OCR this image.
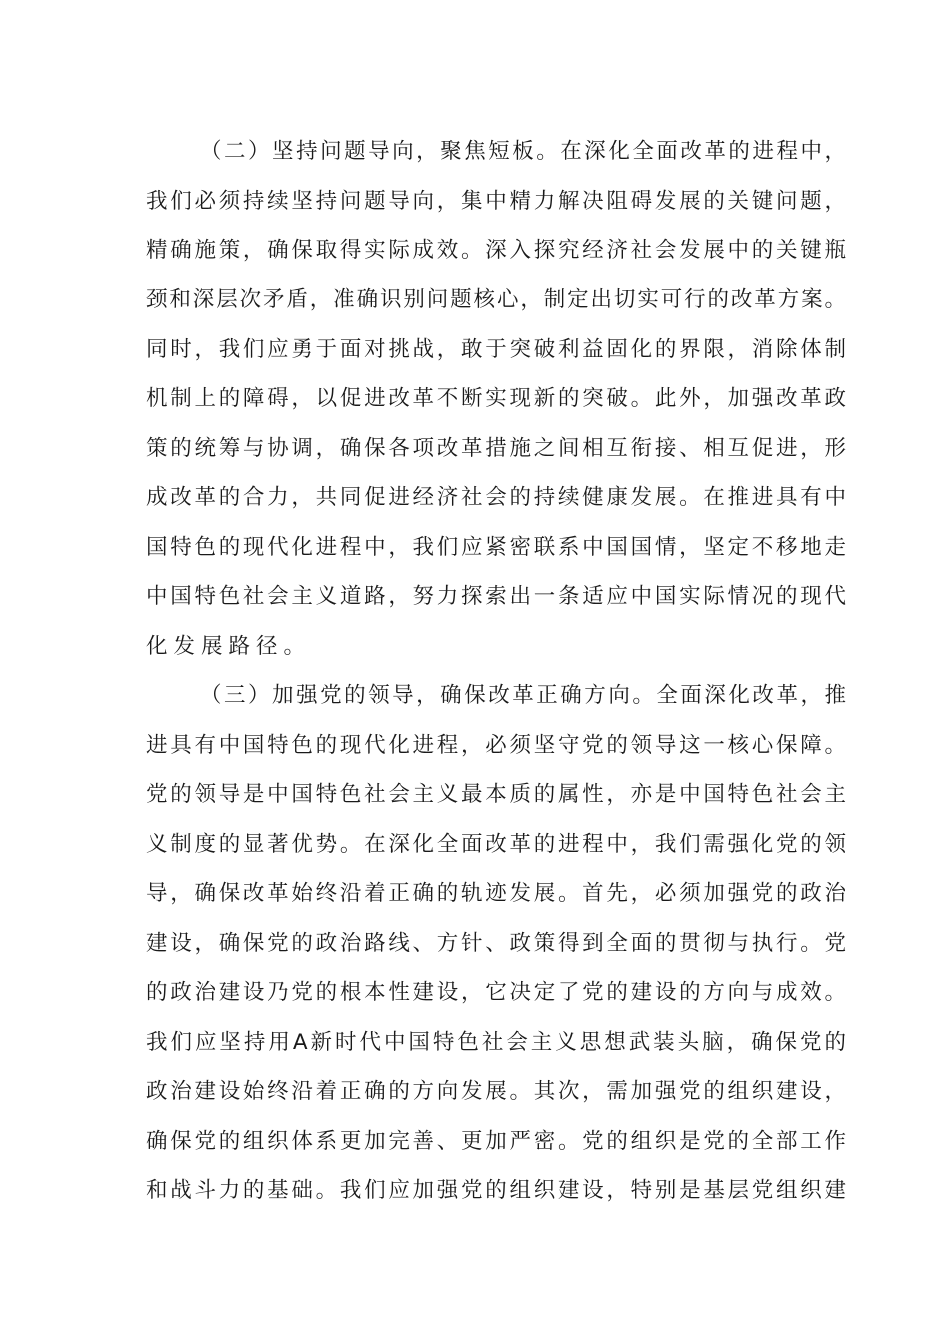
（二）坚持问题导向，聚焦短板。在深化全面改革的进程中，
我们必须持续坚持问题导向，集中精力解决阻碍发展的关键问题，
精确施策，确保取得实际成效。深入探究经济社会发展中的关键瓶
颈和深层次矛盾，准确识别问题核心，制定出切实可行的改革方案。
同时，我们应勇于面对挑战，敢于突破利益固化的界限，消除体制
机制上的障碍，以促进改革不断实现新的突破。此外，加强改革政
策的统筹与协调，确保各项改革措施之间相互衔接、相互促进，形
成改革的合力，共同促进经济社会的持续健康发展。在推进具有中
国特色的现代化进程中，我们应紧密联系中国国情，坚定不移地走
中国特色社会主义道路，努力探索出一条适应中国实际情况的现代
化发展路径。
（三）加强党的领导，确保改革正确方向。全面深化改革，推
进具有中国特色的现代化进程，必须坚守党的领导这一核心保障。
党的领导是中国特色社会主义最本质的属性，亦是中国特色社会主
义制度的显著优势。在深化全面改革的进程中，我们需强化党的领
导，确保改革始终沿着正确的轨迹发展。首先，必须加强党的政治
建设，确保党的政治路线、方针、政策得到全面的贯彻与执行。党
的政治建设乃党的根本性建设，它决定了党的建设的方向与成效。
我们应坚持用A新时代中国特色社会主义思想武装头脑，确保党的
政治建设始终沿着正确的方向发展。其次，需加强党的组织建设，
确保党的组织体系更加完善、更加严密。党的组织是党的全部工作
和战斗力的基础。我们应加强党的组织建设，特别是基层党组织建
